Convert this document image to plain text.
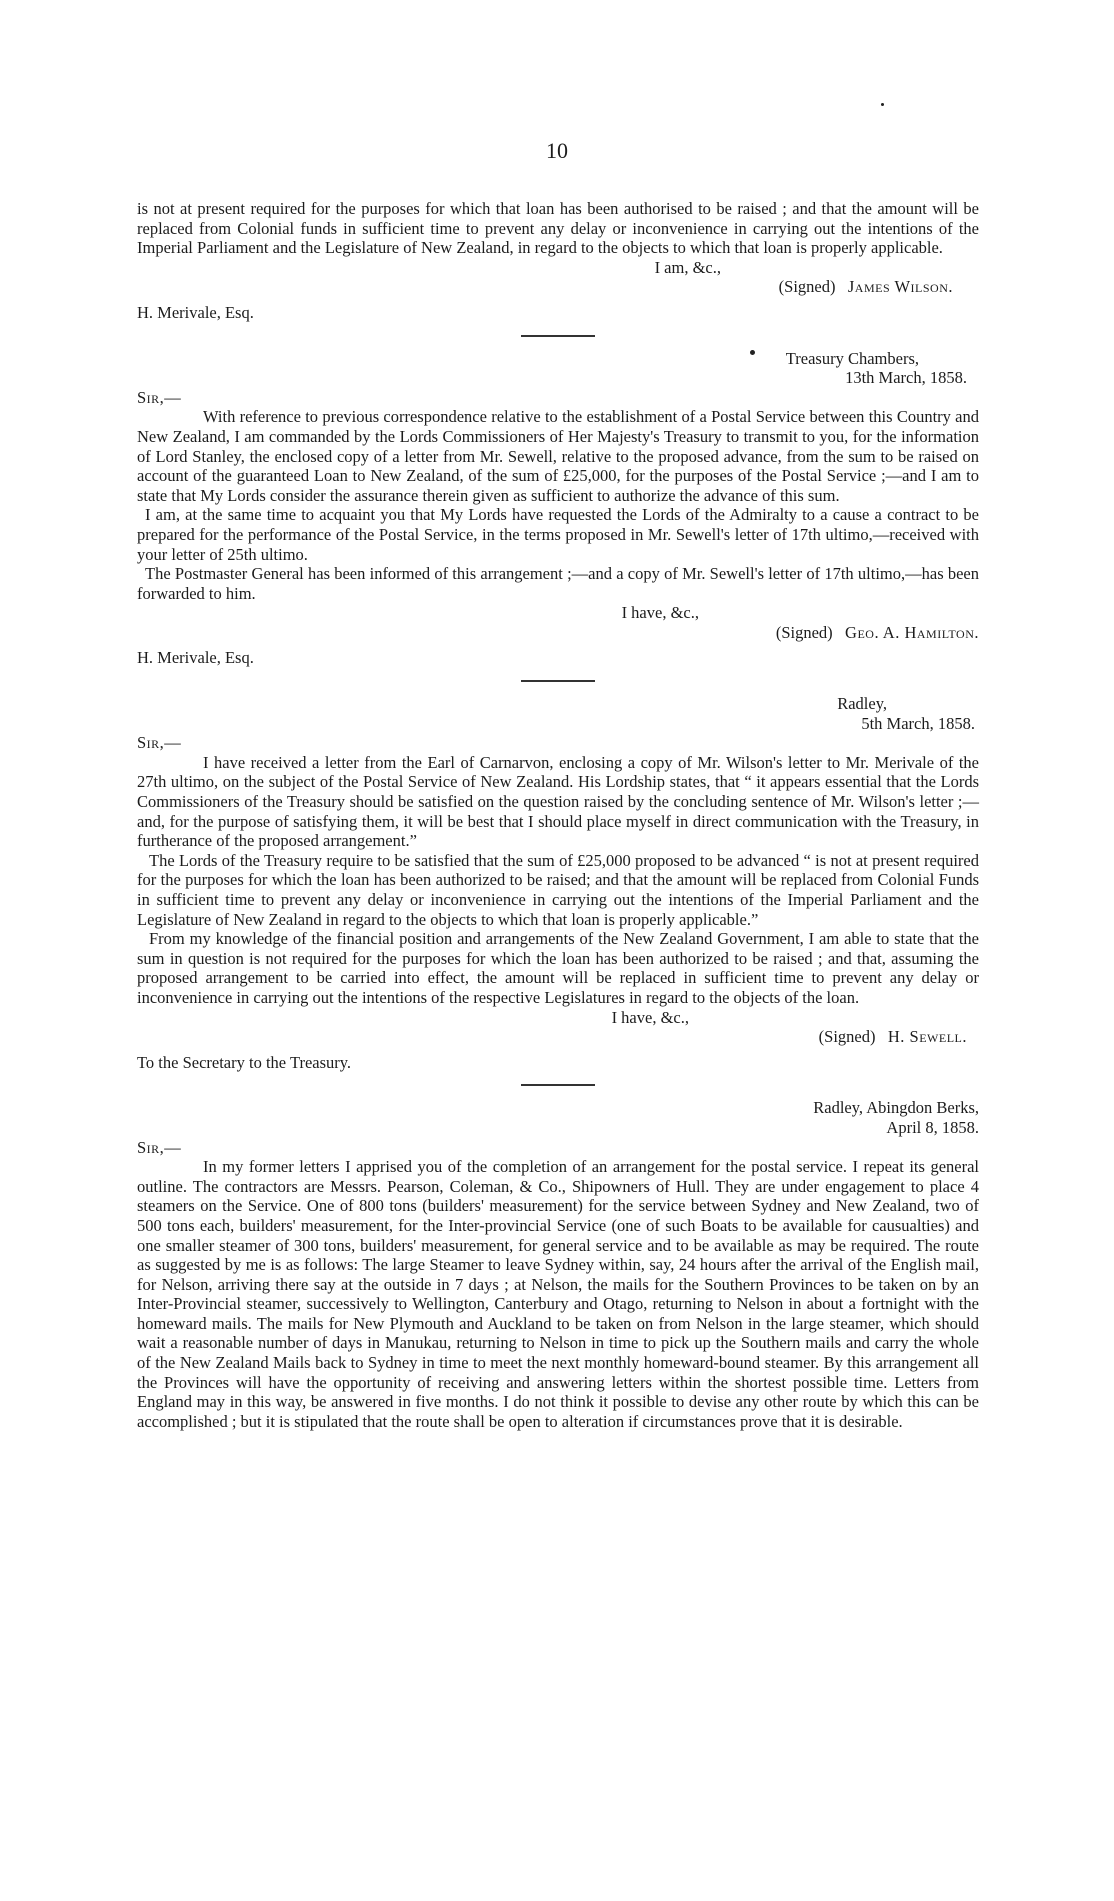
10

is not at present required for the purposes for which that loan has been authorised to be raised ; and that the amount will be replaced from Colonial funds in sufficient time to prevent any delay or inconvenience in carrying out the intentions of the Imperial Parliament and the Legislature of New Zealand, in regard to the objects to which that loan is properly applicable.

I am, &c.,
(Signed) James Wilson.
H. Merivale, Esq.
Treasury Chambers,
13th March, 1858.
Sir,—

With reference to previous correspondence relative to the establishment of a Postal Service between this Country and New Zealand, I am commanded by the Lords Commissioners of Her Majesty's Treasury to transmit to you, for the information of Lord Stanley, the enclosed copy of a letter from Mr. Sewell, relative to the proposed advance, from the sum to be raised on account of the guaranteed Loan to New Zealand, of the sum of £25,000, for the purposes of the Postal Service ;—and I am to state that My Lords consider the assurance therein given as sufficient to authorize the advance of this sum.

I am, at the same time to acquaint you that My Lords have requested the Lords of the Admiralty to a cause a contract to be prepared for the performance of the Postal Service, in the terms proposed in Mr. Sewell's letter of 17th ultimo,—received with your letter of 25th ultimo.

The Postmaster General has been informed of this arrangement ;—and a copy of Mr. Sewell's letter of 17th ultimo,—has been forwarded to him.

I have, &c.,
(Signed) Geo. A. Hamilton.
H. Merivale, Esq.
Radley,
5th March, 1858.
Sir,—

I have received a letter from the Earl of Carnarvon, enclosing a copy of Mr. Wilson's letter to Mr. Merivale of the 27th ultimo, on the subject of the Postal Service of New Zealand. His Lordship states, that “ it appears essential that the Lords Commissioners of the Treasury should be satisfied on the question raised by the concluding sentence of Mr. Wilson's letter ;—and, for the purpose of satisfying them, it will be best that I should place myself in direct communication with the Treasury, in furtherance of the proposed arrangement.”

The Lords of the Treasury require to be satisfied that the sum of £25,000 proposed to be advanced “ is not at present required for the purposes for which the loan has been authorized to be raised; and that the amount will be replaced from Colonial Funds in sufficient time to prevent any delay or inconvenience in carrying out the intentions of the Imperial Parliament and the Legislature of New Zealand in regard to the objects to which that loan is properly applicable.”

From my knowledge of the financial position and arrangements of the New Zealand Government, I am able to state that the sum in question is not required for the purposes for which the loan has been authorized to be raised ; and that, assuming the proposed arrangement to be carried into effect, the amount will be replaced in sufficient time to prevent any delay or inconvenience in carrying out the intentions of the respective Legislatures in regard to the objects of the loan.

I have, &c.,
(Signed) H. Sewell.
To the Secretary to the Treasury.
Radley, Abingdon Berks,
April 8, 1858.
Sir,—

In my former letters I apprised you of the completion of an arrangement for the postal service. I repeat its general outline. The contractors are Messrs. Pearson, Coleman, & Co., Shipowners of Hull. They are under engagement to place 4 steamers on the Service. One of 800 tons (builders' measurement) for the service between Sydney and New Zealand, two of 500 tons each, builders' measurement, for the Inter-provincial Service (one of such Boats to be available for causualties) and one smaller steamer of 300 tons, builders' measurement, for general service and to be available as may be required. The route as suggested by me is as follows: The large Steamer to leave Sydney within, say, 24 hours after the arrival of the English mail, for Nelson, arriving there say at the outside in 7 days ; at Nelson, the mails for the Southern Provinces to be taken on by an Inter-Provincial steamer, successively to Wellington, Canterbury and Otago, returning to Nelson in about a fortnight with the homeward mails. The mails for New Plymouth and Auckland to be taken on from Nelson in the large steamer, which should wait a reasonable number of days in Manukau, returning to Nelson in time to pick up the Southern mails and carry the whole of the New Zealand Mails back to Sydney in time to meet the next monthly homeward-bound steamer. By this arrangement all the Provinces will have the opportunity of receiving and answering letters within the shortest possible time. Letters from England may in this way, be answered in five months. I do not think it possible to devise any other route by which this can be accomplished ; but it is stipulated that the route shall be open to alteration if circumstances prove that it is desirable.
